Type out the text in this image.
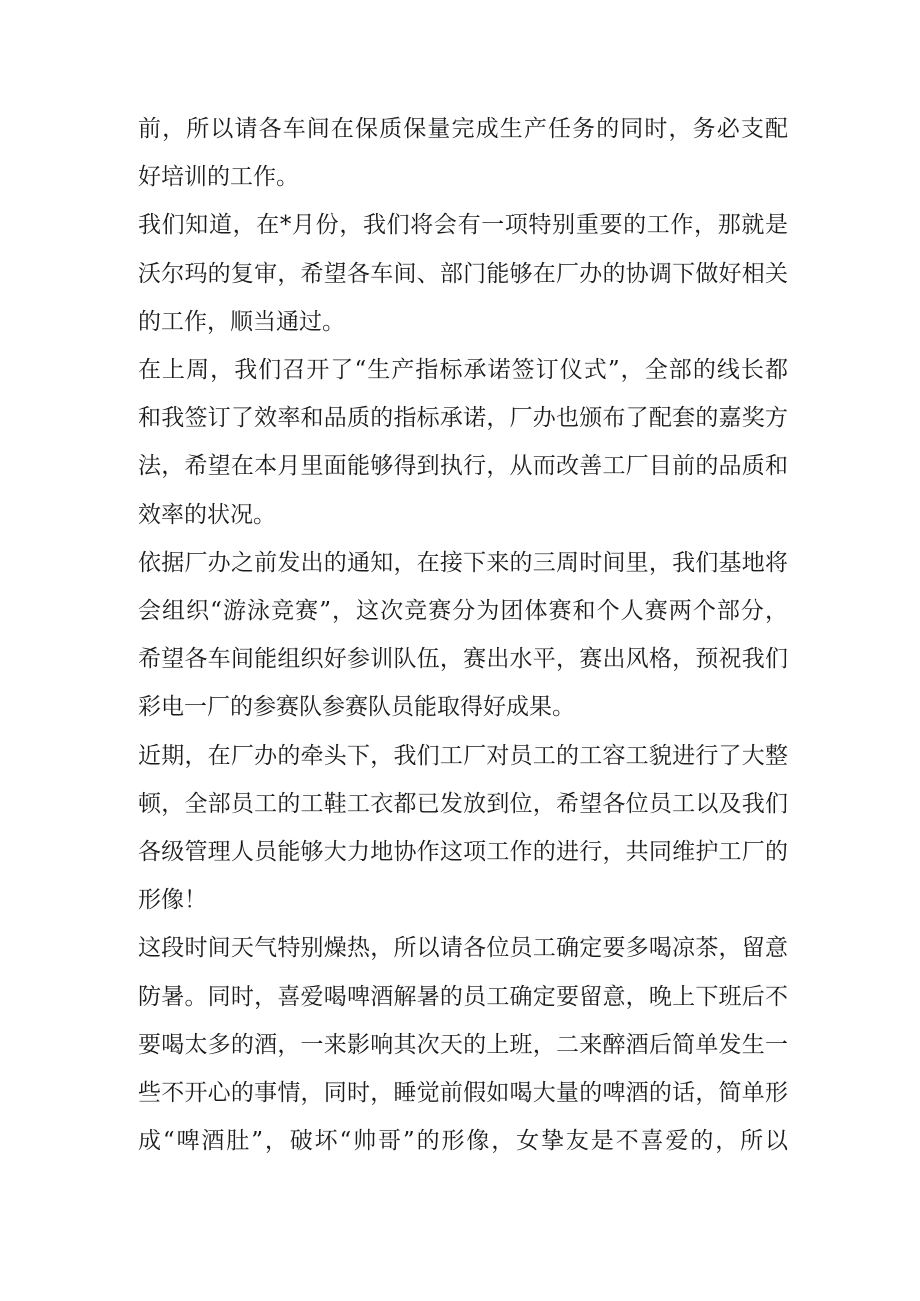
前，所以请各车间在保质保量完成生产任务的同时，务必支配
好培训的工作。
我们知道，在*月份，我们将会有一项特别重要的工作，那就是
沃尔玛的复审，希望各车间、部门能够在厂办的协调下做好相关
的工作，顺当通过。
在上周，我们召开了“生产指标承诺签订仪式”，全部的线长都
和我签订了效率和品质的指标承诺，厂办也颁布了配套的嘉奖方
法，希望在本月里面能够得到执行，从而改善工厂目前的品质和
效率的状况。
依据厂办之前发出的通知，在接下来的三周时间里，我们基地将
会组织“游泳竞赛”，这次竞赛分为团体赛和个人赛两个部分，
希望各车间能组织好参训队伍，赛出水平，赛出风格，预祝我们
彩电一厂的参赛队参赛队员能取得好成果。
近期，在厂办的牵头下，我们工厂对员工的工容工貌进行了大整
顿，全部员工的工鞋工衣都已发放到位，希望各位员工以及我们
各级管理人员能够大力地协作这项工作的进行，共同维护工厂的
形像！
这段时间天气特别燥热，所以请各位员工确定要多喝凉茶，留意
防暑。同时，喜爱喝啤酒解暑的员工确定要留意，晚上下班后不
要喝太多的酒，一来影响其次天的上班，二来醉酒后简单发生一
些不开心的事情，同时，睡觉前假如喝大量的啤酒的话，简单形
成“啤酒肚”，破坏“帅哥”的形像，女挚友是不喜爱的，所以
